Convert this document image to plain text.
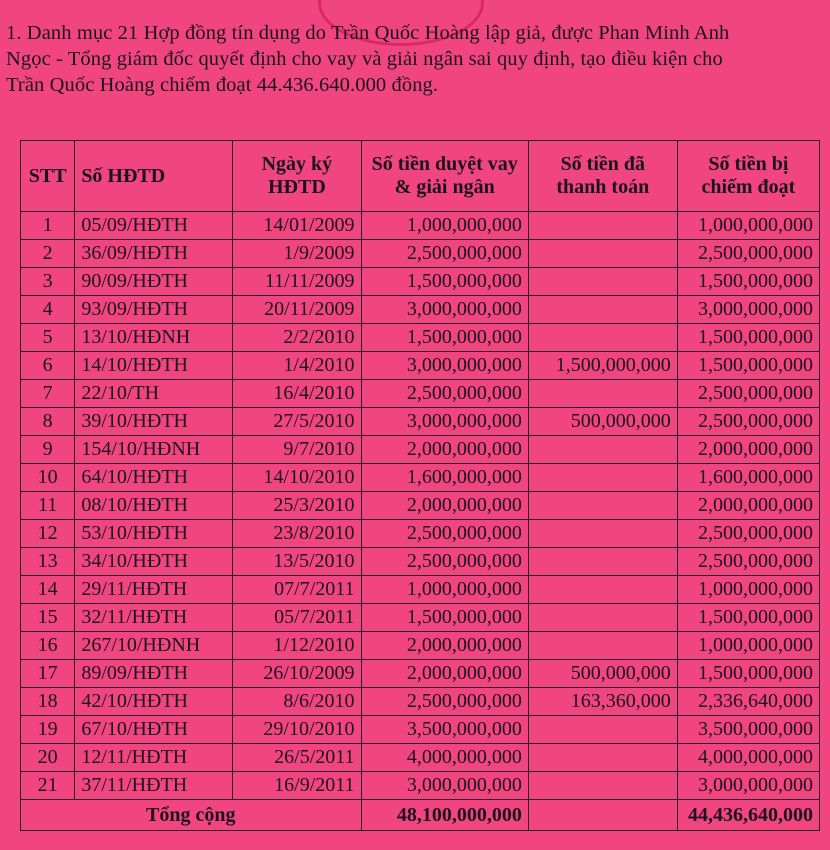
1. Danh mục 21 Hợp đồng tín dụng do Trần Quốc Hoàng lập giả, được Phan Minh Anh

Ngọc - Tổng giám đốc quyết định cho vay và giải ngân sai quy định, tạo điều kiện cho

Trần Quốc Hoàng chiếm đoạt 44.436.640.000 đồng.

STT	Số HĐTD	Ngày ký HĐTD	Số tiền duyệt vay & giải ngân	Số tiền đã thanh toán	Số tiền bị chiếm đoạt
1	05/09/HĐTH	14/01/2009	1,000,000,000		1,000,000,000
2	36/09/HĐTH	1/9/2009	2,500,000,000		2,500,000,000
3	90/09/HĐTH	11/11/2009	1,500,000,000		1,500,000,000
4	93/09/HĐTH	20/11/2009	3,000,000,000		3,000,000,000
5	13/10/HĐNH	2/2/2010	1,500,000,000		1,500,000,000
6	14/10/HĐTH	1/4/2010	3,000,000,000	1,500,000,000	1,500,000,000
7	22/10/TH	16/4/2010	2,500,000,000		2,500,000,000
8	39/10/HĐTH	27/5/2010	3,000,000,000	500,000,000	2,500,000,000
9	154/10/HĐNH	9/7/2010	2,000,000,000		2,000,000,000
10	64/10/HĐTH	14/10/2010	1,600,000,000		1,600,000,000
11	08/10/HĐTH	25/3/2010	2,000,000,000		2,000,000,000
12	53/10/HĐTH	23/8/2010	2,500,000,000		2,500,000,000
13	34/10/HĐTH	13/5/2010	2,500,000,000		2,500,000,000
14	29/11/HĐTH	07/7/2011	1,000,000,000		1,000,000,000
15	32/11/HĐTH	05/7/2011	1,500,000,000		1,500,000,000
16	267/10/HĐNH	1/12/2010	2,000,000,000		1,000,000,000
17	89/09/HĐTH	26/10/2009	2,000,000,000	500,000,000	1,500,000,000
18	42/10/HĐTH	8/6/2010	2,500,000,000	163,360,000	2,336,640,000
19	67/10/HĐTH	29/10/2010	3,500,000,000		3,500,000,000
20	12/11/HĐTH	26/5/2011	4,000,000,000		4,000,000,000
21	37/11/HĐTH	16/9/2011	3,000,000,000		3,000,000,000
Tổng cộng			48,100,000,000		44,436,640,000
